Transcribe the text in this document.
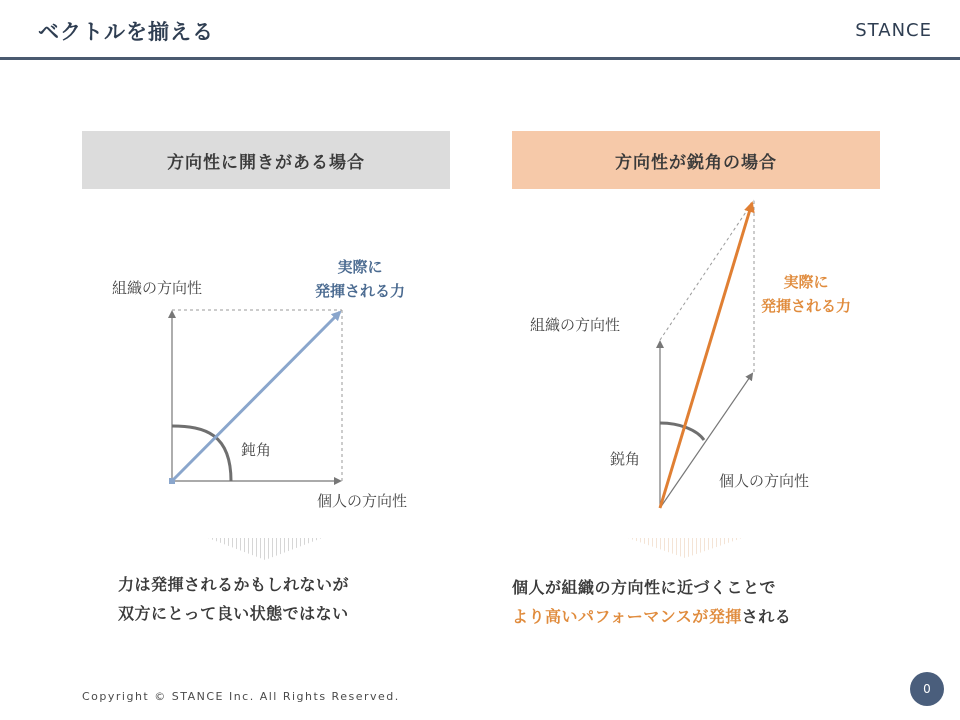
ベクトルを揃える	STANCE
方向性に開きがある場合	方向性が鋭角の場合
組織の方向性
実際に
発揮される力
鈍角
個人の方向性
組織の方向性
実際に
発揮される力
鋭角
個人の方向性
力は発揮されるかもしれないが
双方にとって良い状態ではない
個人が組織の方向性に近づくことで
より高いパフォーマンスが発揮される
Copyright © STANCE Inc. All Rights Reserved.
0
